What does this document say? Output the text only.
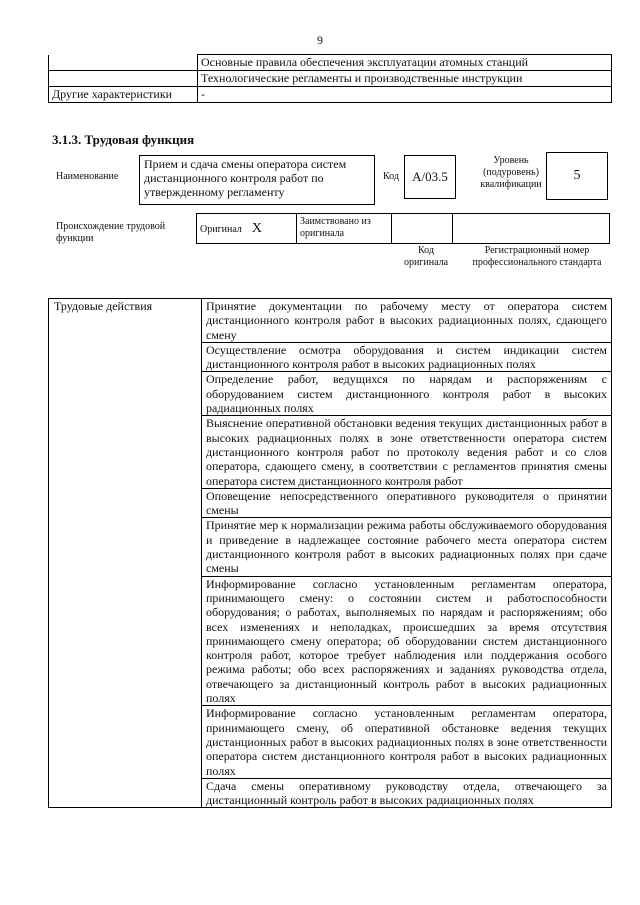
9
	Основные правила обеспечения эксплуатации атомных станций
	Технологические регламенты и производственные инструкции
Другие характеристики	-
3.1.3. Трудовая функция
Наименование
Прием и сдача смены оператора систем дистанционного контроля работ по утвержденному регламенту
Код	A/03.5
Уровень (подуровень) квалификации
5
Происхождение трудовой функции
Оригинал X	Заимствовано из оригинала		
Код оригинала
Регистрационный номер профессионального стандарта
Трудовые действия	Принятие документации по рабочему месту от оператора систем дистанционного контроля работ в высоких радиационных полях, сдающего смену
Осуществление осмотра оборудования и систем индикации систем дистанционного контроля работ в высоких радиационных полях
Определение работ, ведущихся по нарядам и распоряжениям с оборудованием систем дистанционного контроля работ в высоких радиационных полях
Выяснение оперативной обстановки ведения текущих дистанционных работ в высоких радиационных полях в зоне ответственности оператора систем дистанционного контроля работ по протоколу ведения работ и со слов оператора, сдающего смену, в соответствии с регламентов принятия смены оператора систем дистанционного контроля работ
Оповещение непосредственного оперативного руководителя о принятии смены
Принятие мер к нормализации режима работы обслуживаемого оборудования и приведение в надлежащее состояние рабочего места оператора систем дистанционного контроля работ в высоких радиационных полях при сдаче смены
Информирование согласно установленным регламентам оператора, принимающего смену: о состоянии систем и работоспособности оборудования; о работах, выполняемых по нарядам и распоряжениям; обо всех изменениях и неполадках, происшедших за время отсутствия принимающего смену оператора; об оборудовании систем дистанционного контроля работ, которое требует наблюдения или поддержания особого режима работы; обо всех распоряжениях и заданиях руководства отдела, отвечающего за дистанционный контроль работ в высоких радиационных полях
Информирование согласно установленным регламентам оператора, принимающего смену, об оперативной обстановке ведения текущих дистанционных работ в высоких радиационных полях в зоне ответственности оператора систем дистанционного контроля работ в высоких радиационных полях
Сдача смены оперативному руководству отдела, отвечающего за дистанционный контроль работ в высоких радиационных полях
